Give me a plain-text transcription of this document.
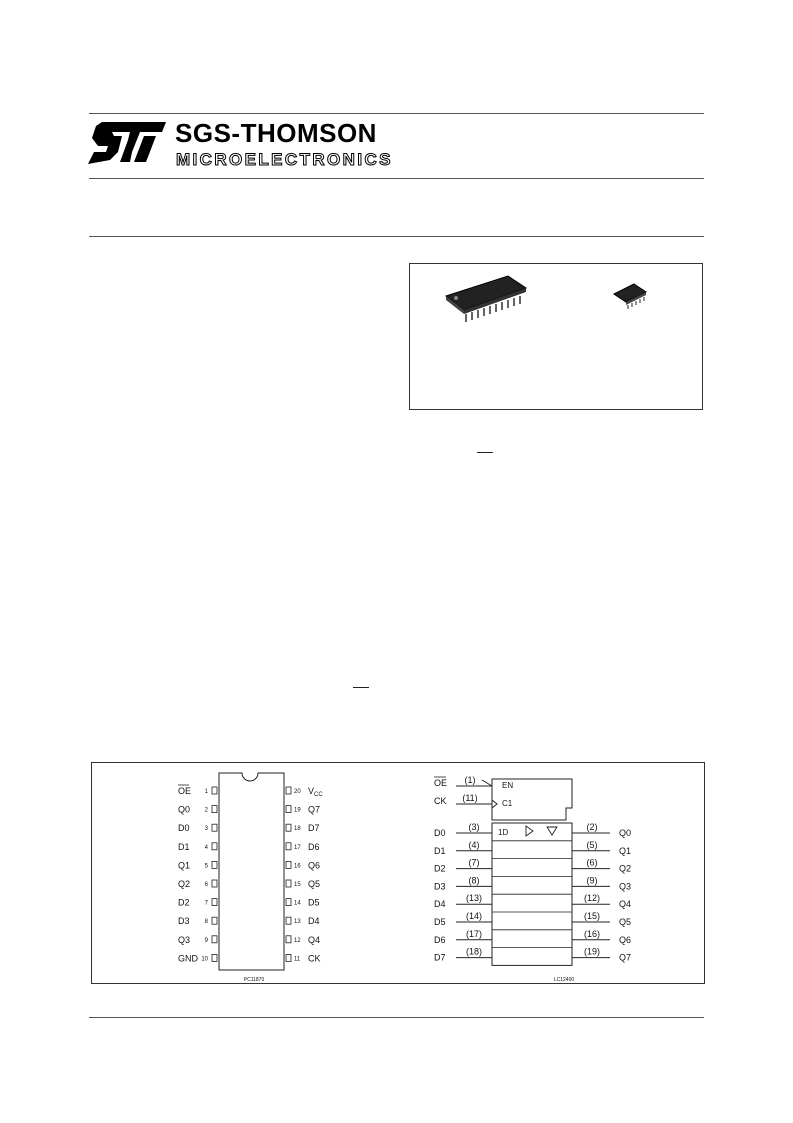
SGS-THOMSON
MICROELECTRONICS
1
OE
2
Q0
3
D0
4
D1
5
Q1
6
Q2
7
D2
8
D3
9
Q3
10
GND
20 $V_{CC}$
19 Q7
18 D7
17 D6
16 Q6
15 Q5
14 D5
13 D4
12 Q4
11 CK
PC11870
OE (1)
EN
CK (11)
C1
1D
D0
(3)
D1
(4)
D2
(7)
D3
(8)
D4
(13)
D5
(14)
D6
(17)
D7
(18)
(2)
Q0
(5)
Q1
(6)
Q2
(9)
Q3
(12)
Q4
(15)
Q5
(16)
Q6
(19)
Q7
LC12400
